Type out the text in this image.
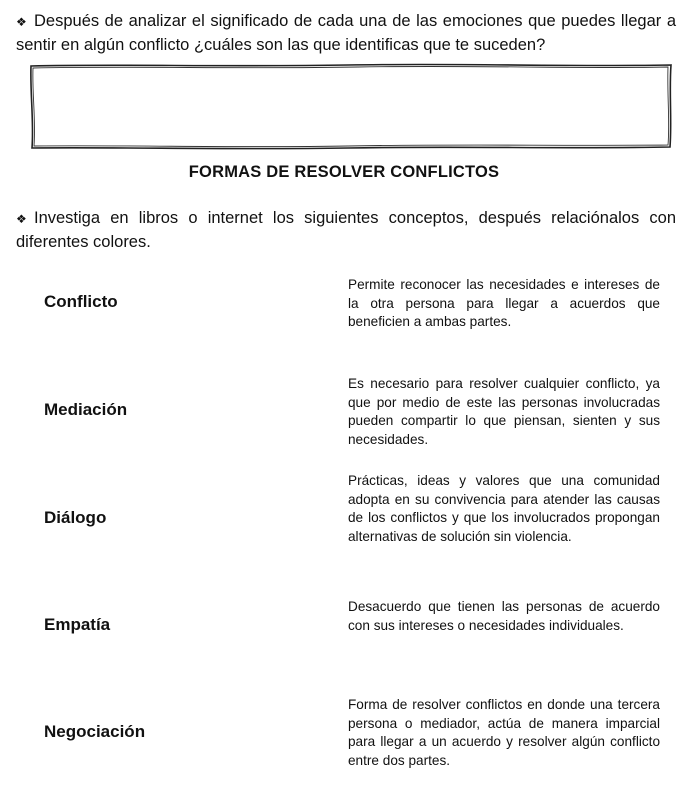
❖ Después de analizar el significado de cada una de las emociones que puedes llegar a sentir en algún conflicto ¿cuáles son las que identificas que te suceden?
FORMAS DE RESOLVER CONFLICTOS
❖ Investiga en libros o internet los siguientes conceptos, después relaciónalos con diferentes colores.
Conflicto
Mediación
Diálogo
Empatía
Negociación
Permite reconocer las necesidades e intereses de la otra persona para llegar a acuerdos que beneficien a ambas partes.
Es necesario para resolver cualquier conflicto, ya que por medio de este las personas involucradas pueden compartir lo que piensan, sienten y sus necesidades.
Prácticas, ideas y valores que una comunidad adopta en su convivencia para atender las causas de los conflictos y que los involucrados propongan alternativas de solución sin violencia.
Desacuerdo que tienen las personas de acuerdo con sus intereses o necesidades individuales.
Forma de resolver conflictos en donde una tercera persona o mediador, actúa de manera imparcial para llegar a un acuerdo y resolver algún conflicto entre dos partes.
